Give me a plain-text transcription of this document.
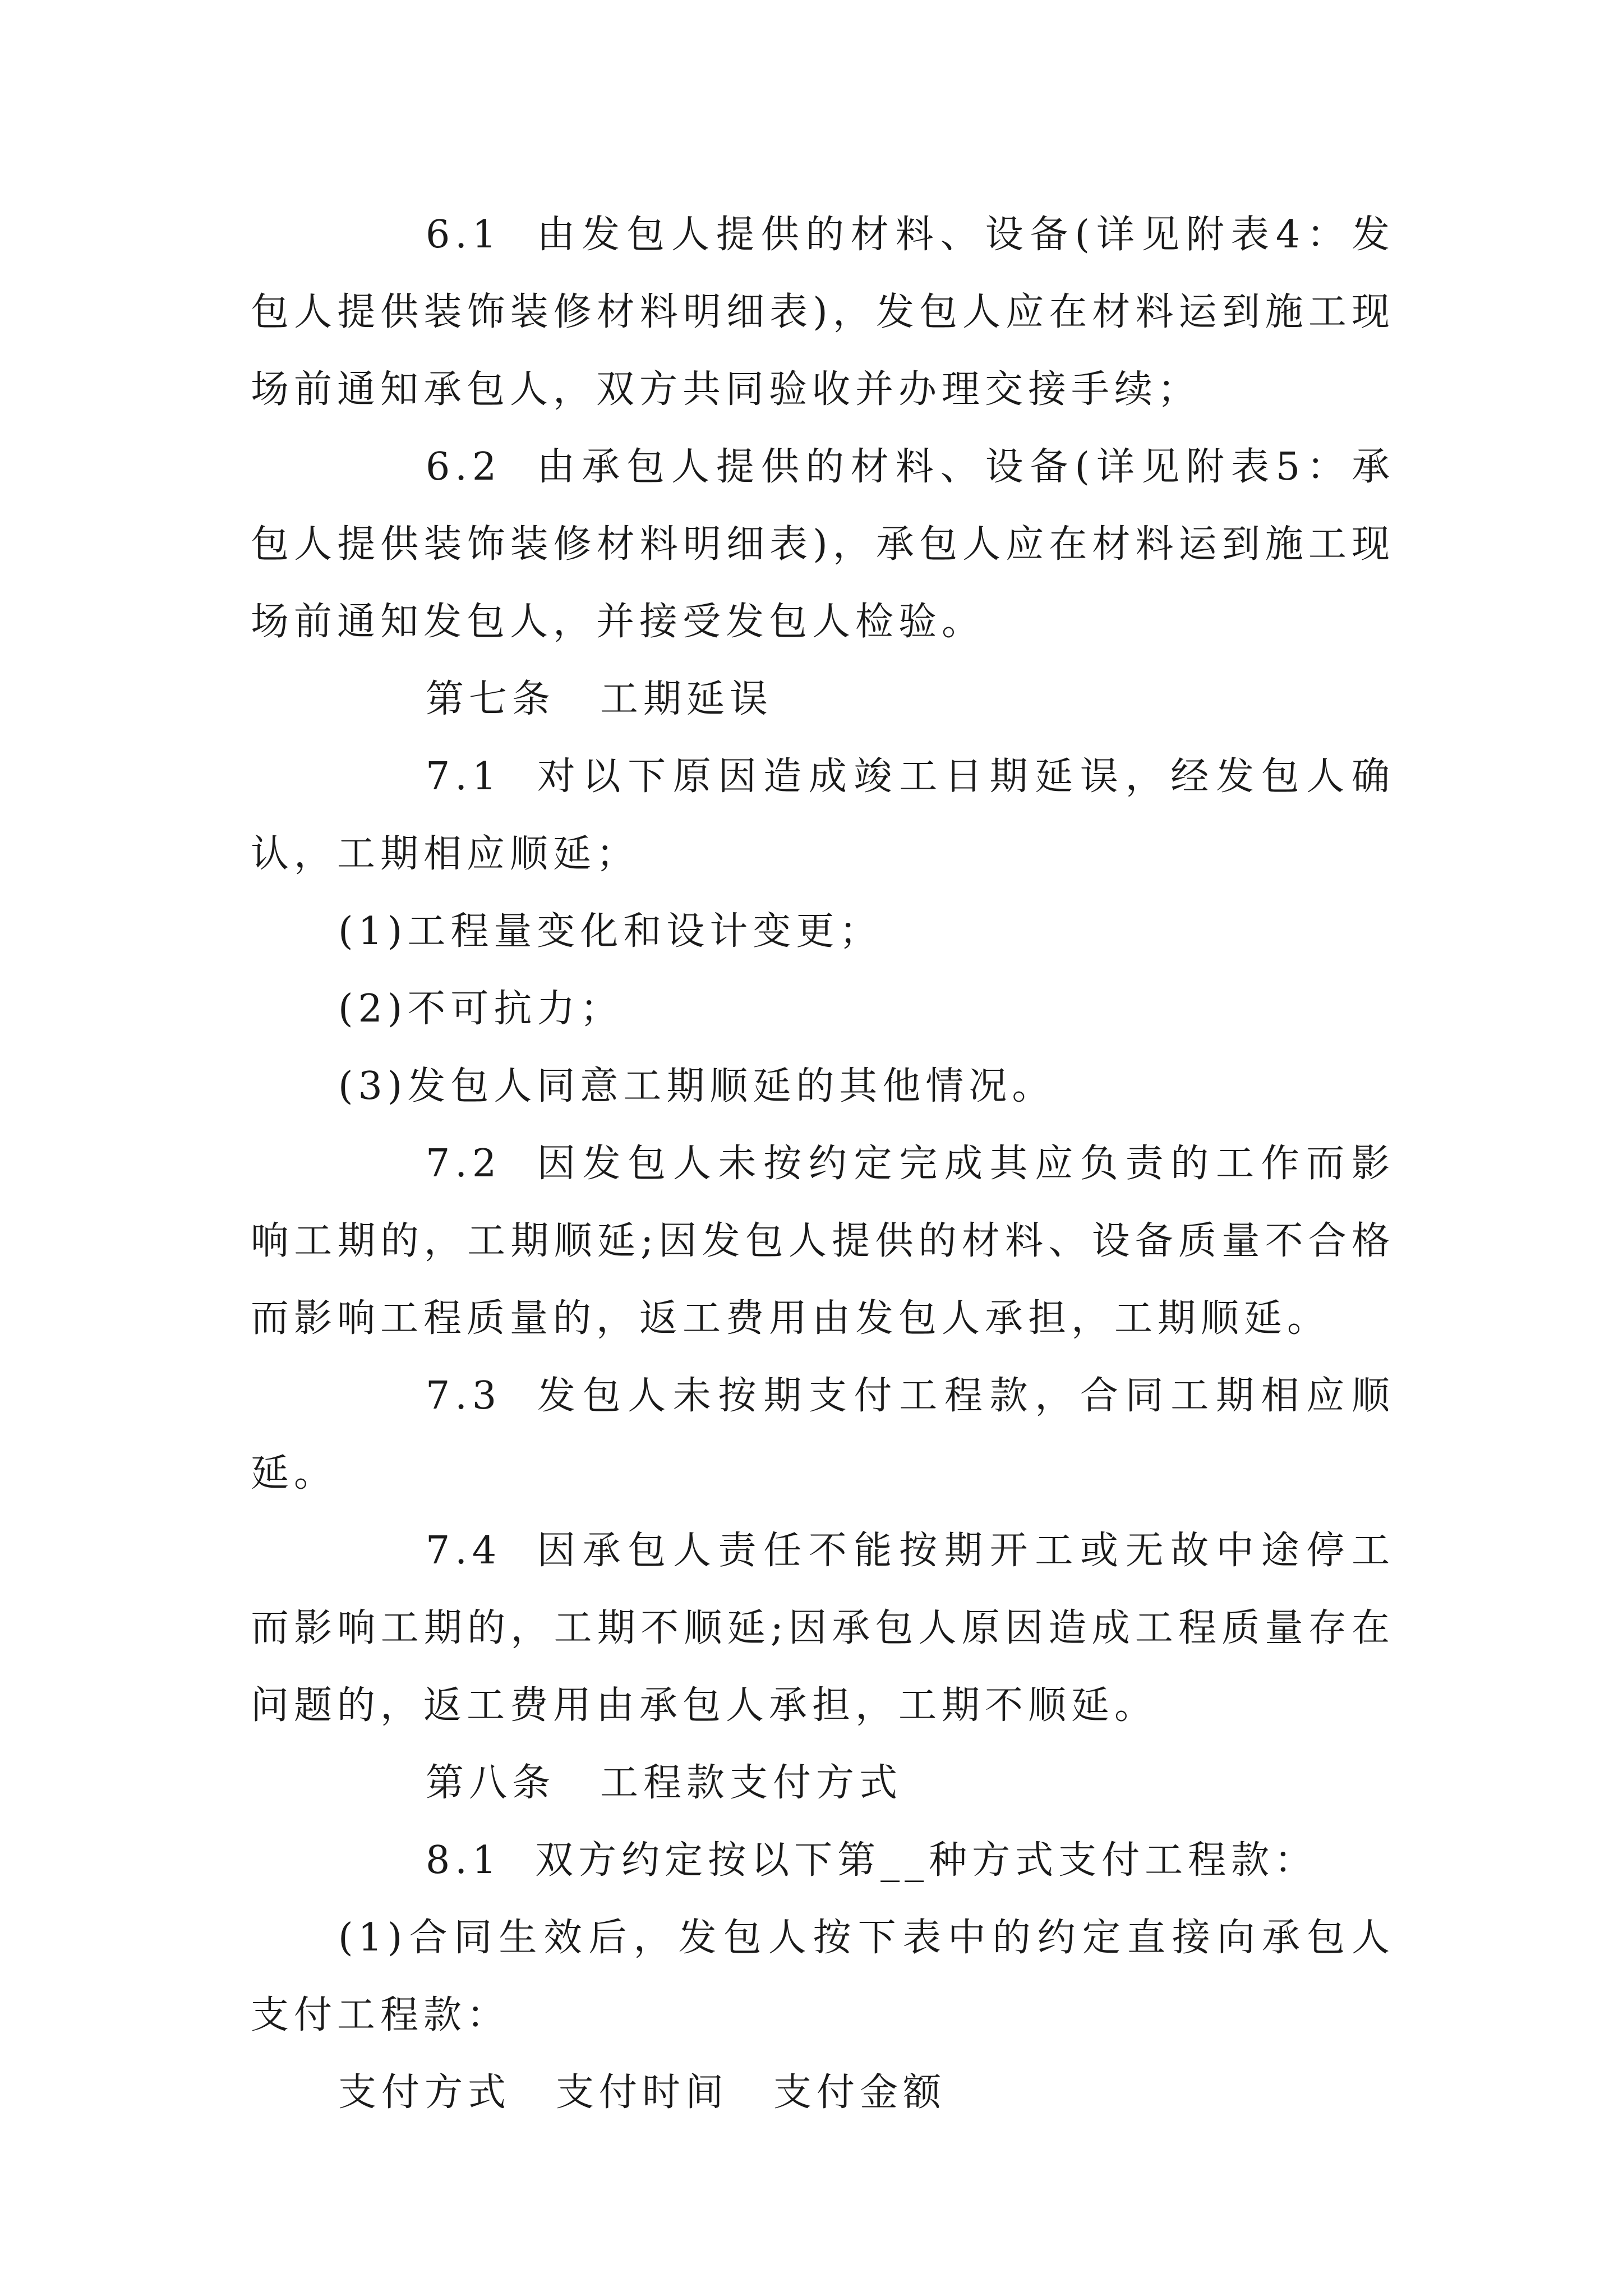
6.1 由发包人提供的材料、设备(详见附表4：发包人提供装饰装修材料明细表)，发包人应在材料运到施工现场前通知承包人，双方共同验收并办理交接手续；

6.2 由承包人提供的材料、设备(详见附表5：承包人提供装饰装修材料明细表)，承包人应在材料运到施工现场前通知发包人，并接受发包人检验。

第七条 工期延误

7.1 对以下原因造成竣工日期延误，经发包人确认，工期相应顺延；

(1)工程量变化和设计变更；

(2)不可抗力；

(3)发包人同意工期顺延的其他情况。

7.2 因发包人未按约定完成其应负责的工作而影响工期的，工期顺延;因发包人提供的材料、设备质量不合格而影响工程质量的，返工费用由发包人承担，工期顺延。

7.3 发包人未按期支付工程款，合同工期相应顺延。

7.4 因承包人责任不能按期开工或无故中途停工而影响工期的，工期不顺延;因承包人原因造成工程质量存在问题的，返工费用由承包人承担，工期不顺延。

第八条 工程款支付方式

8.1 双方约定按以下第__种方式支付工程款：

(1)合同生效后，发包人按下表中的约定直接向承包人支付工程款：

支付方式 支付时间 支付金额
